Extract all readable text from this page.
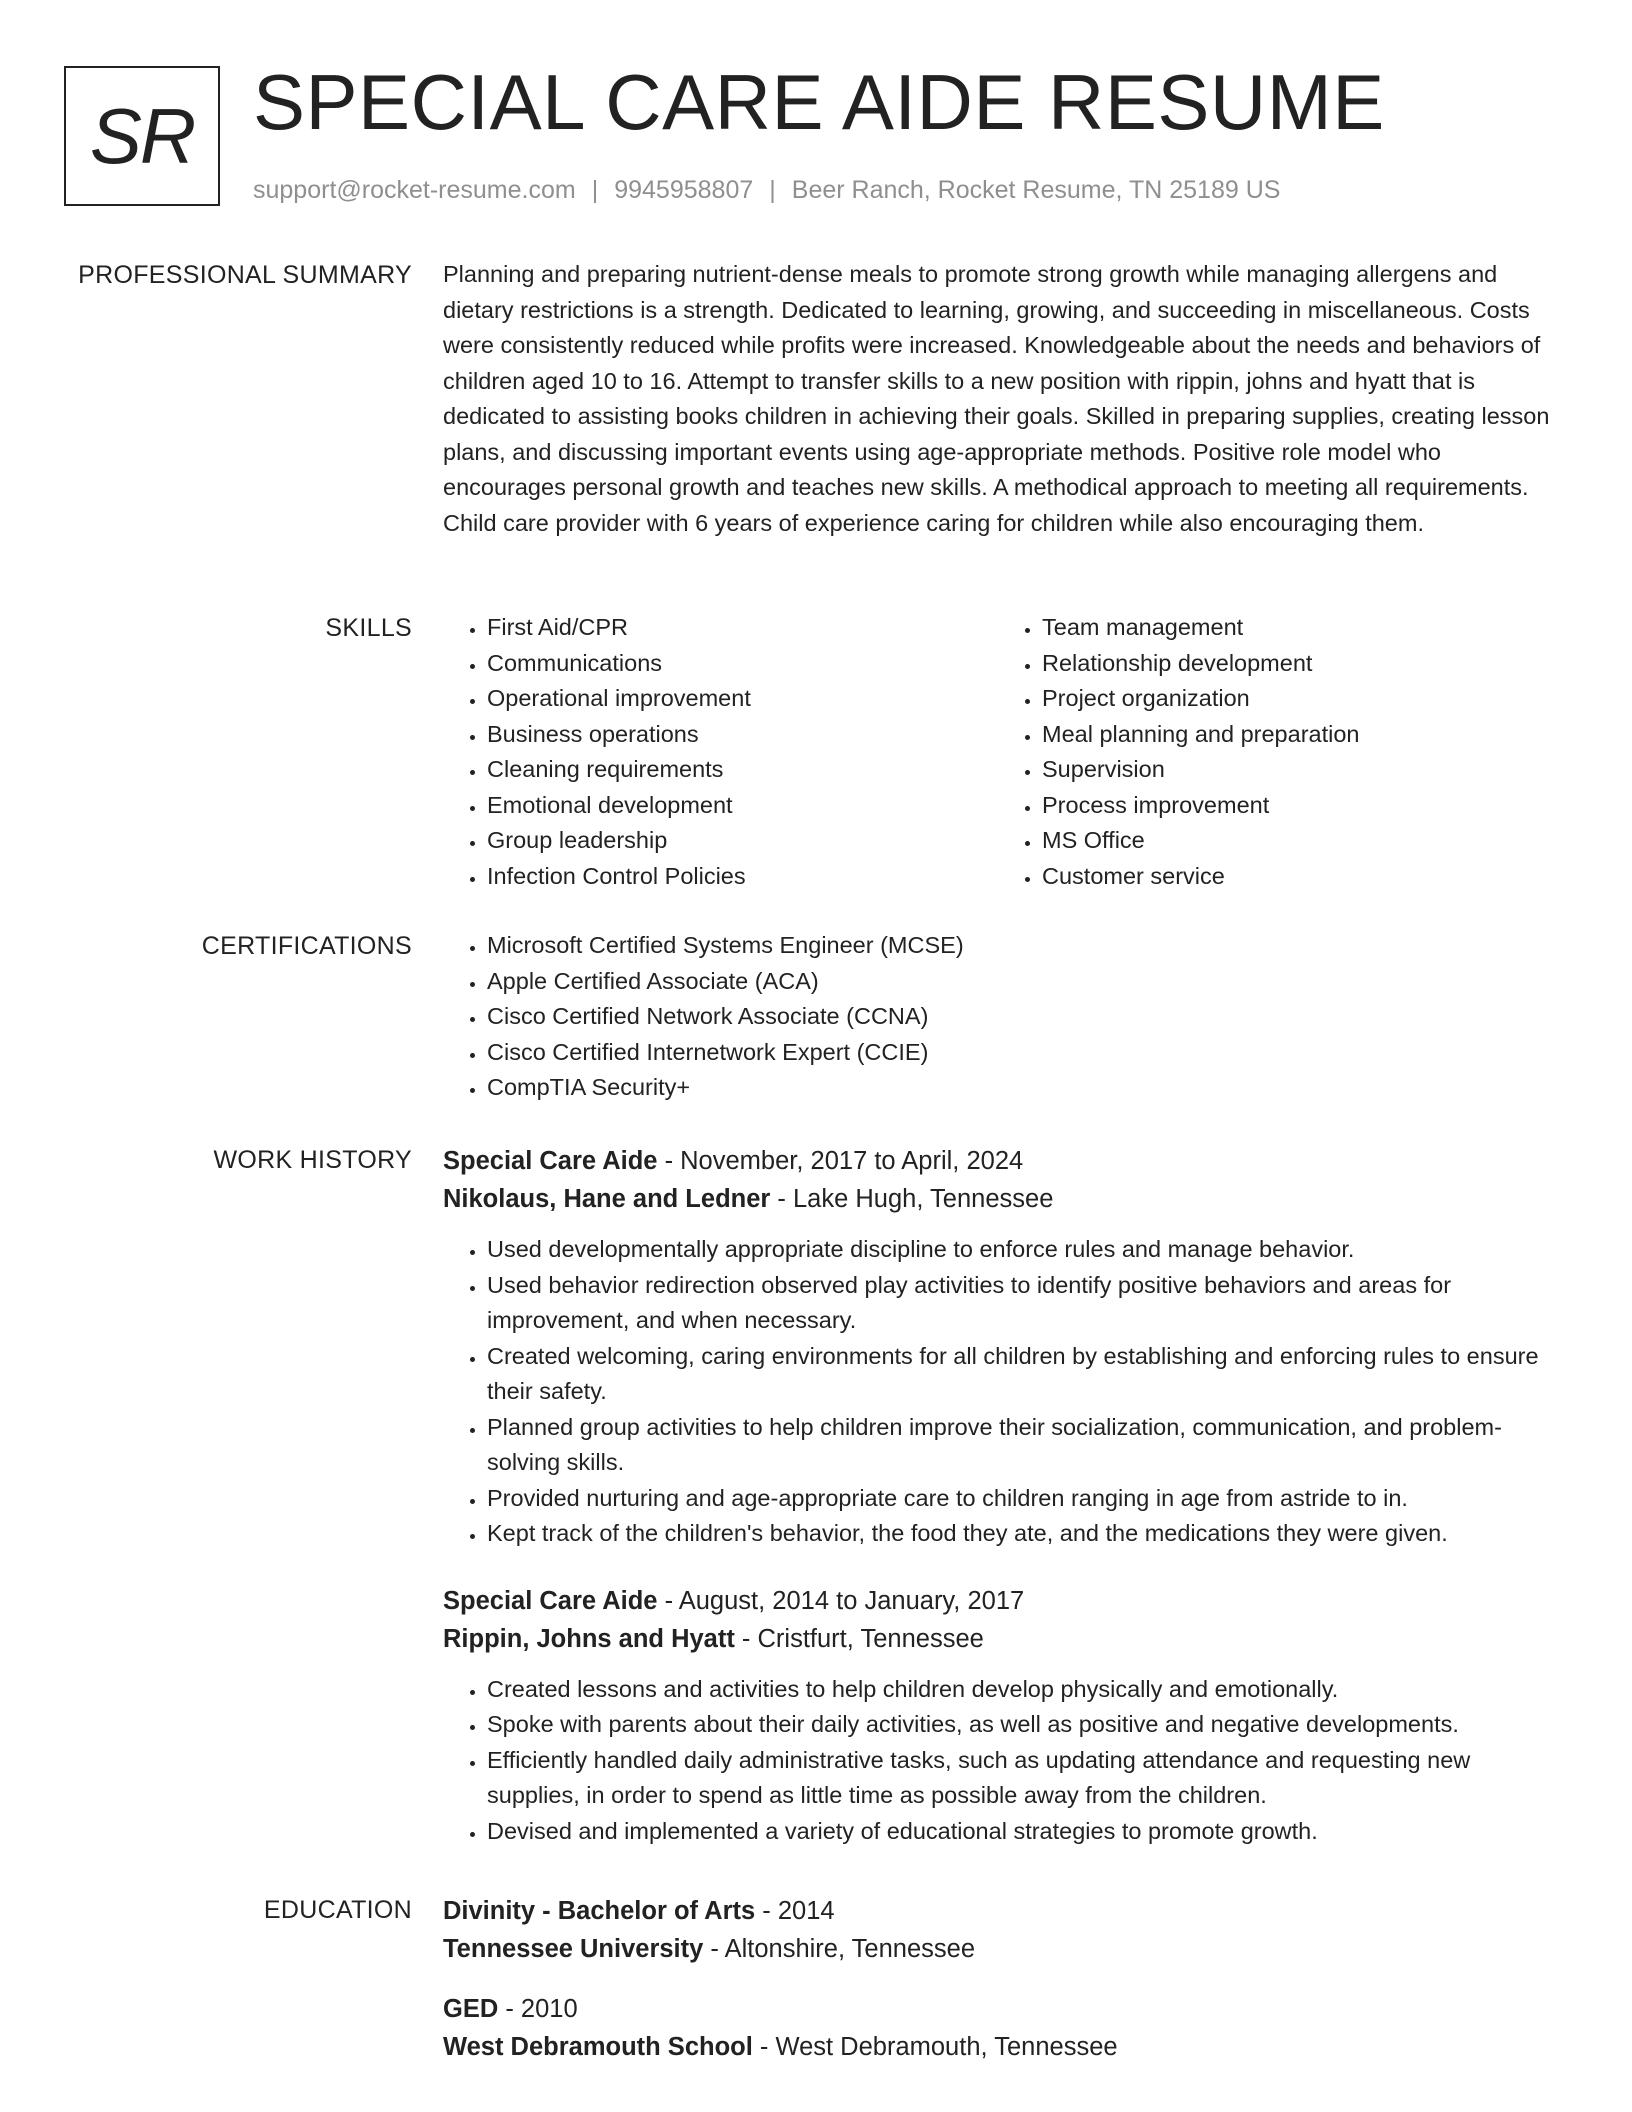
SR SPECIAL CARE AIDE RESUME
support@rocket-resume.com | 9945958807 | Beer Ranch, Rocket Resume, TN 25189 US
PROFESSIONAL SUMMARY Planning and preparing nutrient-dense meals to promote strong growth while managing allergens and dietary restrictions is a strength. Dedicated to learning, growing, and succeeding in miscellaneous. Costs were consistently reduced while profits were increased. Knowledgeable about the needs and behaviors of children aged 10 to 16. Attempt to transfer skills to a new position with rippin, johns and hyatt that is dedicated to assisting books children in achieving their goals. Skilled in preparing supplies, creating lesson plans, and discussing important events using age-appropriate methods. Positive role model who encourages personal growth and teaches new skills. A methodical approach to meeting all requirements. Child care provider with 6 years of experience caring for children while also encouraging them.

SKILLS	• First Aid/CPR
• Communications
• Operational improvement
• Business operations
• Cleaning requirements
• Emotional development
• Group leadership
• Infection Control Policies
• Team management
• Relationship development
• Project organization
• Meal planning and preparation
• Supervision
• Process improvement
• MS Office
• Customer service
CERTIFICATIONS	• Microsoft Certified Systems Engineer (MCSE)
• Apple Certified Associate (ACA)
• Cisco Certified Network Associate (CCNA)
• Cisco Certified Internetwork Expert (CCIE)
• CompTIA Security+
WORK HISTORY Special Care Aide - November, 2017 to April, 2024
Nikolaus, Hane and Ledner - Lake Hugh, Tennessee
• Used developmentally appropriate discipline to enforce rules and manage behavior.
• Used behavior redirection observed play activities to identify positive behaviors and areas for improvement, and when necessary.
• Created welcoming, caring environments for all children by establishing and enforcing rules to ensure their safety.
• Planned group activities to help children improve their socialization, communication, and problem-solving skills.
• Provided nurturing and age-appropriate care to children ranging in age from astride to in.
• Kept track of the children's behavior, the food they ate, and the medications they were given.
Special Care Aide - August, 2014 to January, 2017
Rippin, Johns and Hyatt - Cristfurt, Tennessee
• Created lessons and activities to help children develop physically and emotionally.
• Spoke with parents about their daily activities, as well as positive and negative developments.
• Efficiently handled daily administrative tasks, such as updating attendance and requesting new supplies, in order to spend as little time as possible away from the children.
• Devised and implemented a variety of educational strategies to promote growth.
EDUCATION Divinity - Bachelor of Arts - 2014
Tennessee University - Altonshire, Tennessee
GED - 2010
West Debramouth School - West Debramouth, Tennessee
